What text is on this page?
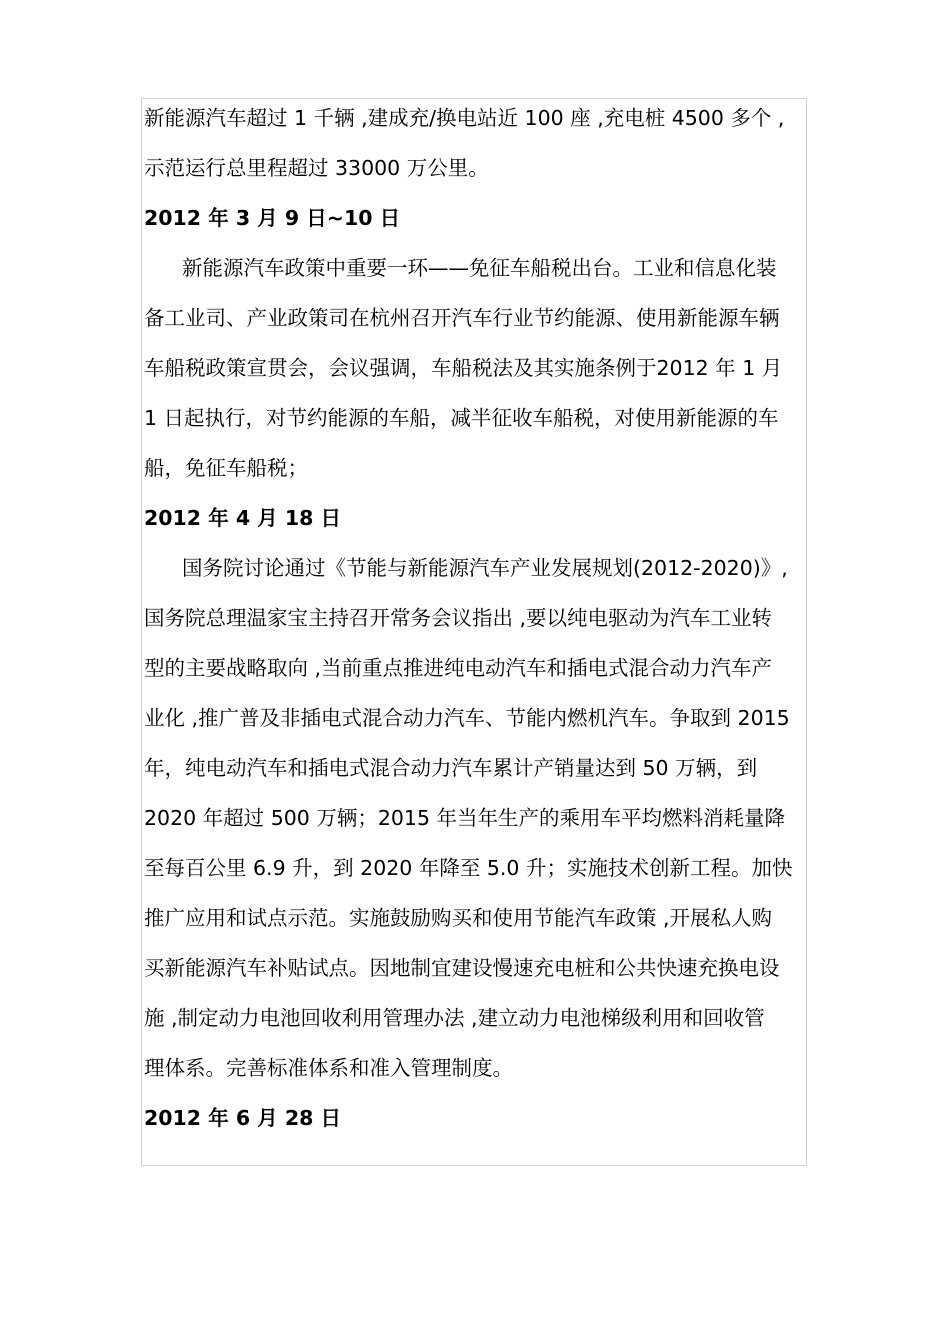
新能源汽车超过 1 千辆 ,建成充/换电站近 100 座 ,充电桩 4500 多个 ,
示范运行总里程超过 33000 万公里。
2012 年 3 月 9 日~10 日
新能源汽车政策中重要一环——免征车船税出台。工业和信息化装
备工业司、产业政策司在杭州召开汽车行业节约能源、使用新能源车辆
车船税政策宣贯会，会议强调，车船税法及其实施条例于2012 年 1 月
1 日起执行，对节约能源的车船，减半征收车船税，对使用新能源的车
船，免征车船税；
2012 年 4 月 18 日
国务院讨论通过《节能与新能源汽车产业发展规划(2012-2020)》,
国务院总理温家宝主持召开常务会议指出 ,要以纯电驱动为汽车工业转
型的主要战略取向 ,当前重点推进纯电动汽车和插电式混合动力汽车产
业化 ,推广普及非插电式混合动力汽车、节能内燃机汽车。争取到 2015
年，纯电动汽车和插电式混合动力汽车累计产销量达到 50 万辆，到
2020 年超过 500 万辆；2015 年当年生产的乘用车平均燃料消耗量降
至每百公里 6.9 升，到 2020 年降至 5.0 升；实施技术创新工程。加快
推广应用和试点示范。实施鼓励购买和使用节能汽车政策 ,开展私人购
买新能源汽车补贴试点。因地制宜建设慢速充电桩和公共快速充换电设
施 ,制定动力电池回收利用管理办法 ,建立动力电池梯级利用和回收管
理体系。完善标准体系和准入管理制度。
2012 年 6 月 28 日
